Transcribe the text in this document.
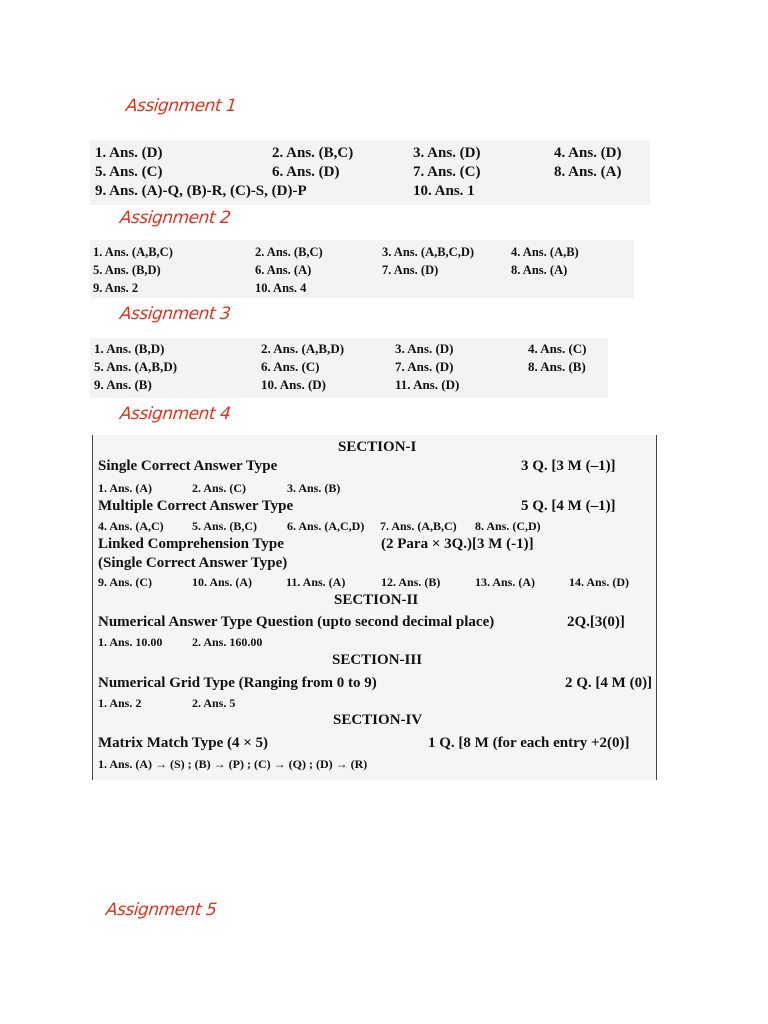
Assignment 1
1. Ans. (D)	2. Ans. (B,C)	3. Ans. (D)	4. Ans. (D)
5. Ans. (C)	6. Ans. (D)	7. Ans. (C)	8. Ans. (A)
9. Ans. (A)-Q, (B)-R, (C)-S, (D)-P	10. Ans. 1
Assignment 2
1. Ans. (A,B,C)	2. Ans. (B,C)	3. Ans. (A,B,C,D)	4. Ans. (A,B)
5. Ans. (B,D)	6. Ans. (A)	7. Ans. (D)	8. Ans. (A)
9. Ans. 2	10. Ans. 4
Assignment 3
1. Ans. (B,D)	2. Ans. (A,B,D)	3. Ans. (D)	4. Ans. (C)
5. Ans. (A,B,D)	6. Ans. (C)	7. Ans. (D)	8. Ans. (B)
9. Ans. (B)	10. Ans. (D)	11. Ans. (D)
Assignment 4
SECTION-I
Single Correct Answer Type	3 Q. [3 M (–1)]
1. Ans. (A)	2. Ans. (C)	3. Ans. (B)
Multiple Correct Answer Type	5 Q. [4 M (–1)]
4. Ans. (A,C) 5. Ans. (B,C) 6. Ans. (A,C,D) 7. Ans. (A,B,C) 8. Ans. (C,D)
Linked Comprehension Type	(2 Para × 3Q.)[3 M (-1)]
(Single Correct Answer Type)
9. Ans. (C)	10. Ans. (A)	11. Ans. (A)	12. Ans. (B)	13. Ans. (A)	14. Ans. (D)
SECTION-II
Numerical Answer Type Question (upto second decimal place)	2Q.[3(0)]
1. Ans. 10.00 2. Ans. 160.00
SECTION-III
Numerical Grid Type (Ranging from 0 to 9)	2 Q. [4 M (0)]
1. Ans. 2	2. Ans. 5
SECTION-IV
Matrix Match Type (4 × 5)	1 Q. [8 M (for each entry +2(0)]
1. Ans. (A) → (S) ; (B) → (P) ; (C) → (Q) ; (D) → (R)
Assignment 5
